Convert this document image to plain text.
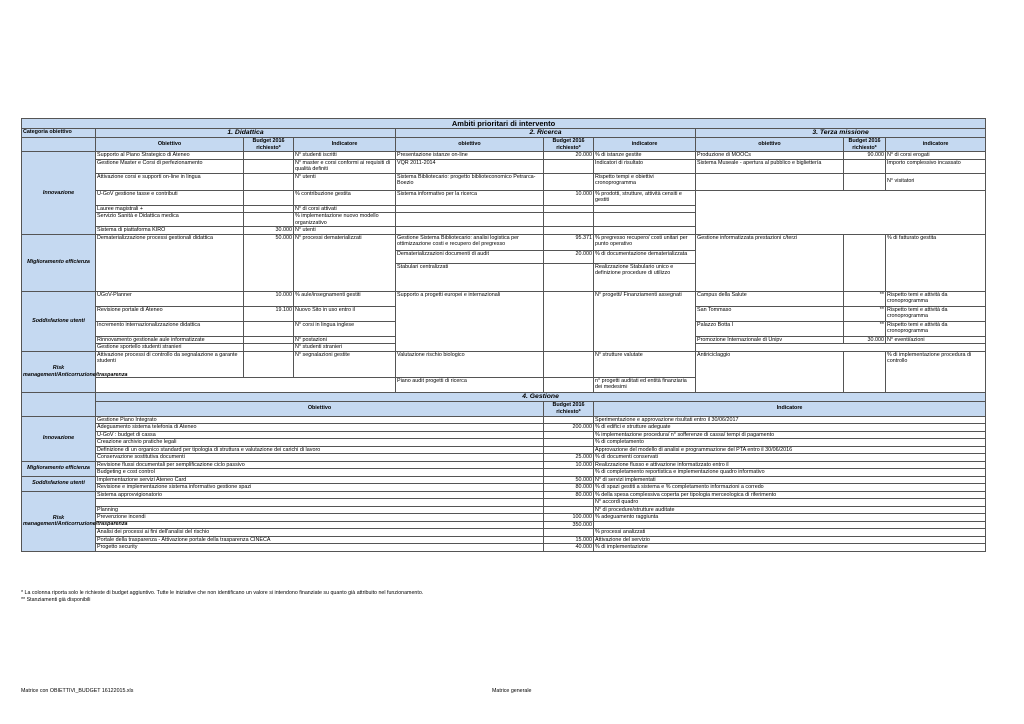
Ambiti prioritari di intervento									
Categoria obiettivo	1. Didattica			2. Ricerca			3. Terza missione		
	Obiettivo	Budget 2016 richiesto*	Indicatore	obiettivo	Budget 2016 richiesto*	indicatore	obiettivo	Budget 2016 richiesto*	indicatore
Innovazione	Supporto al Piano Strategico di Ateneo		N° studenti iscritti	Presentazione istanze on-line	20.000	% di istanze gestite	Produzione di MOOCs	90.000	N° di corsi erogati
	Gestione Master e Corsi di perfezionamento		N° master e corsi conformi ai requisiti di qualità definiti	VQR 2011-2014		Indicatori di risultato	Sistema Museale - apertura al pubblico e bigliettería		Importo complessivo incassato
	Attivazione corsi e supporti on-line in lingua		N° utenti	Sistema Bibliotecario: progetto biblioteconomico Petrarca-Boezio		Rispetto tempi e obiettivi cronoprogramma			N° visitatori
	U-GoV gestione tasse e contributi		% contribuzione gestita	Sistema informativo per la ricerca	10.000	% prodotti, strutture, attività censiti e gestiti			
	Lauree magistrali +		N° di corsi attivati						
	Servizio Sanità e Didattica medica		% implementazione nuovo modello organizzativo						
	Sistema di piattaforma KIRO	30.000	N° utenti						
Miglioramento efficienza	Dematerializzazione processi gestionali didattica	50.000	N° processi dematerializzati	Gestione Sistema Bibliotecario: analisi logistica per ottimizzazione costi e recupero del pregresso	95.371	% pregresso recupero/ costi unitari per punto operativo	Gestione informatizzata prestazioni c/terzi		% di fatturato gestita
				Dematerializzazioni documenti di audit	20.000	% di documentazione dematerializzata			
				Stabulari centralizzati		Realizzazione Stabulario unico e definizione procedure di utilizzo			
Soddisfazione utenti	UGoV-Planner	10.000	% aule/insegnamenti gestiti	Supporto a progetti europei e internazionali		N° progetti/ Finanziamenti assegnati	Campus della Salute	**	Rispetto temi e attività da cronoprogramma
	Revisione portale di Ateneo	19.100	Nuovo Sito in uso entro il				San Tommaso	**	Rispetto temi e attività da cronoprogramma
	Incremento internazionalizzazione didattica		N° corsi in lingua inglese				Palazzo Botta I	**	Rispetto temi e attività da cronoprogramma
	Rinnovamento gestionale aule informatizzate		N° postazioni				Promozione Internazionale di Unipv	30.000	N° eventi/azioni
	Gestione sportello studenti stranieri		N° studenti stranieri						
Risk management/Anticorruzione/trasparenza	Attivazione processi di controllo da segnalazione a garante studenti		N° segnalazioni gestite	Valutazione rischio biologico		N° strutture valutate	Antiriciclaggio		% di implementazione procedura di controllo
				Piano audit progetti di ricerca		n° progetti auditati ed entità finanziaria dei medesimi			
	4. Gestione								
	Obiettivo				Budget 2016 richiesto*	Indicatore			
Innovazione	Gestione Piano Integrato					Sperimentazione e approvazione risultati entro il 30/06/2017			
	Adeguamento sistema telefonia di Ateneo				200.000	% di edifici e strutture adeguate			
	U-GoV : budget di cassa					% implementazione procedura/ n° sofferenze di cassa/ tempi di pagamento			
	Creazione archivio pratiche legali					% di completamento			
	Definizione di un organico standard per tipologia di struttura e valutazione dei carichi di lavoro					Approvazione del modello di analisi e programmazione del PTA entro il 30/06/2016			
	Conservazione sostitutiva documenti				25.000	% di documenti conservati			
Miglioramento efficienza	Revisione flussi documentali per semplificazione ciclo passivo				10.000	Realizzazione flusso e attivazione informatizzato entro il			
	Budgeting e cost control					% di completamento reportistica e implementazione quadro informativo			
Soddisfazione utenti	Implementazione servizi Ateneo Card				50.000	N° di servizi implementati			
	Revisione e implementazione sistema informativo gestione spazi				80.000	% di spazi gestiti a sistema e % completamento informazioni a corredo			
Risk management/Anticorruzione/trasparenza	Sistema approvvigionatorio				80.000	% della spesa complessiva coperta per tipologia merceologica di riferimento			
						N° accordi quadro			
	Planning					N° di procedure/strutture auditate			
	Prevenzione incendi				100.000	% adeguamento raggiunta			
					350.000				
	Analisi dei processi ai fini dell'analisi del rischio					% processi analizzati			
	Portale della trasparenza - Attivazione portale della trasparenza CINECA				15.000	Attivazione del servizio			
	Progetto security				40.000	% di implementazione			
* La colonna riporta solo le richieste di budget aggiuntivo. Tutte le iniziative che non identificano un valore si intendono finanziate su quanto già attribuito nel funzionamento.
** Stanziamenti già disponibili
Matrice con OBIETTIVI_BUDGET 16122015.xls	Matrice generale
